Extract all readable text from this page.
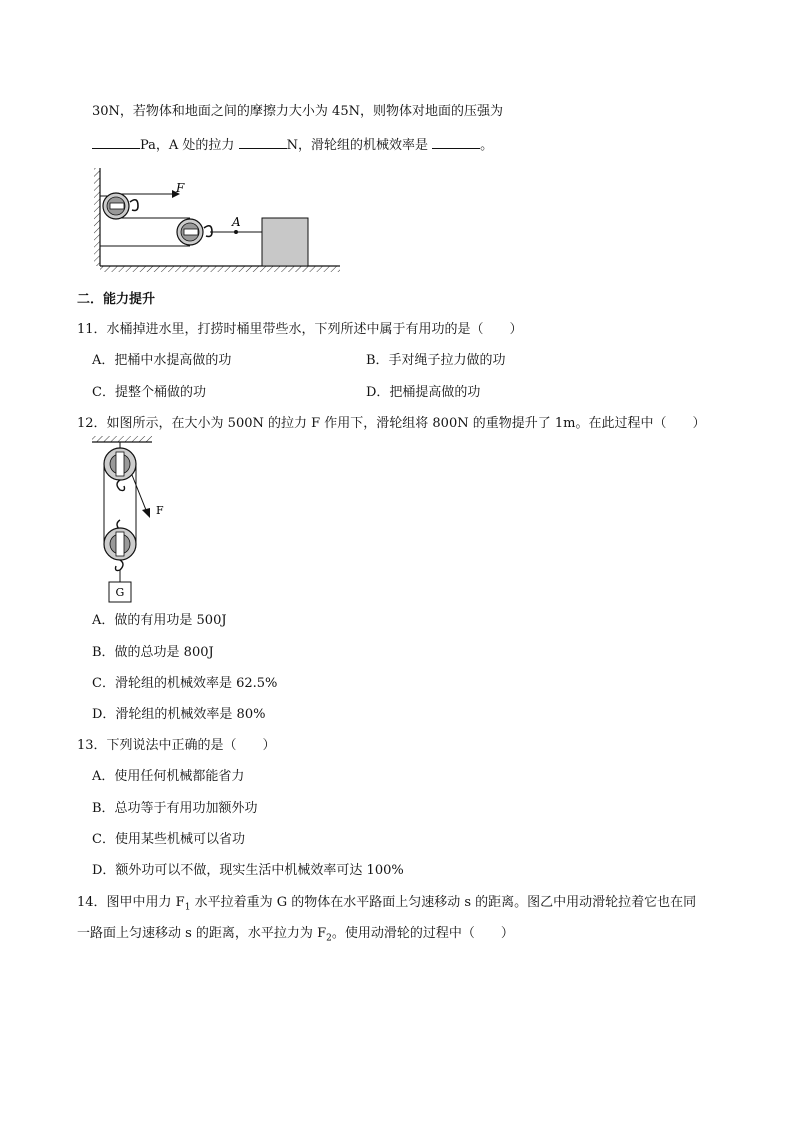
30N，若物体和地面之间的摩擦力大小为 45N，则物体对地面的压强为
Pa，A 处的拉力	N，滑轮组的机械效率是	。
F
A
二．能力提升
11．水桶掉进水里，打捞时桶里带些水，下列所述中属于有用功的是（　　）
A．把桶中水提高做的功	B．手对绳子拉力做的功
C．提整个桶做的功	D．把桶提高做的功
12．如图所示，在大小为 500N 的拉力 F 作用下，滑轮组将 800N 的重物提升了 1m。在此过程中（　　）
F
G
A．做的有用功是 500J
B．做的总功是 800J
C．滑轮组的机械效率是 62.5%
D．滑轮组的机械效率是 80%
13．下列说法中正确的是（　　）
A．使用任何机械都能省力
B．总功等于有用功加额外功
C．使用某些机械可以省功
D．额外功可以不做，现实生活中机械效率可达 100%
14．图甲中用力 $F_1$ 水平拉着重为 G 的物体在水平路面上匀速移动 s 的距离。图乙中用动滑轮拉着它也在同
一路面上匀速移动 s 的距离，水平拉力为 $F_2$。使用动滑轮的过程中（　　）
